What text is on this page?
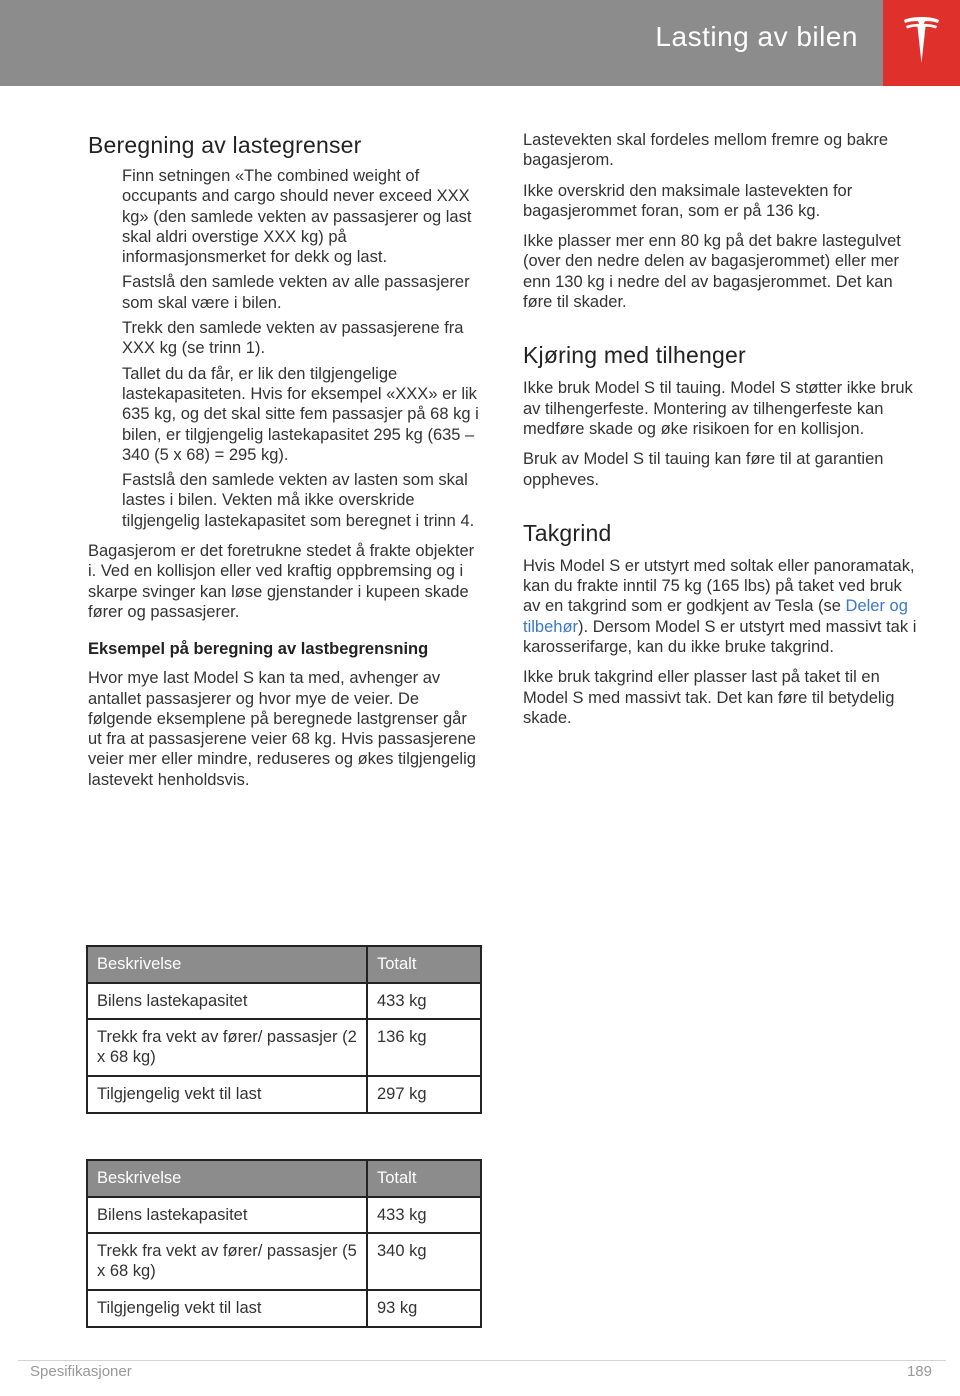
Lasting av bilen
Beregning av lastegrenser

Finn setningen «The combined weight of occupants and cargo should never exceed XXX kg» (den samlede vekten av passasjerer og last skal aldri overstige XXX kg) på informasjonsmerket for dekk og last.

Fastslå den samlede vekten av alle passasjerer som skal være i bilen.

Trekk den samlede vekten av passasjerene fra XXX kg (se trinn 1).

Tallet du da får, er lik den tilgjengelige lastekapasiteten. Hvis for eksempel «XXX» er lik 635 kg, og det skal sitte fem passasjer på 68 kg i bilen, er tilgjengelig lastekapasitet 295 kg (635 – 340 (5 x 68) = 295 kg).

Fastslå den samlede vekten av lasten som skal lastes i bilen. Vekten må ikke overskride tilgjengelig lastekapasitet som beregnet i trinn 4.

Bagasjerom er det foretrukne stedet å frakte objekter i. Ved en kollisjon eller ved kraftig oppbremsing og i skarpe svinger kan løse gjenstander i kupeen skade fører og passasjerer.

Eksempel på beregning av lastbegrensning

Hvor mye last Model S kan ta med, avhenger av antallet passasjerer og hvor mye de veier. De følgende eksemplene på beregnede lastgrenser går ut fra at passasjerene veier 68 kg. Hvis passasjerene veier mer eller mindre, reduseres og økes tilgjengelig lastevekt henholdsvis.

Beskrivelse	Totalt
Bilens lastekapasitet	433 kg
Trekk fra vekt av fører/ passasjer (2 x 68 kg)	136 kg
Tilgjengelig vekt til last	297 kg
Beskrivelse	Totalt
Bilens lastekapasitet	433 kg
Trekk fra vekt av fører/ passasjer (5 x 68 kg)	340 kg
Tilgjengelig vekt til last	93 kg

Lastevekten skal fordeles mellom fremre og bakre bagasjerom.

Ikke overskrid den maksimale lastevekten for bagasjerommet foran, som er på 136 kg.

Ikke plasser mer enn 80 kg på det bakre lastegulvet (over den nedre delen av bagasjerommet) eller mer enn 130 kg i nedre del av bagasjerommet. Det kan føre til skader.

Kjøring med tilhenger

Ikke bruk Model S til tauing. Model S støtter ikke bruk av tilhengerfeste. Montering av tilhengerfeste kan medføre skade og øke risikoen for en kollisjon.

Bruk av Model S til tauing kan føre til at garantien oppheves.

Takgrind

Hvis Model S er utstyrt med soltak eller panoramatak, kan du frakte inntil 75 kg (165 lbs) på taket ved bruk av en takgrind som er godkjent av Tesla (se Deler og tilbehør). Dersom Model S er utstyrt med massivt tak i karosserifarge, kan du ikke bruke takgrind.

Ikke bruk takgrind eller plasser last på taket til en Model S med massivt tak. Det kan føre til betydelig skade.

Spesifikasjoner	189
